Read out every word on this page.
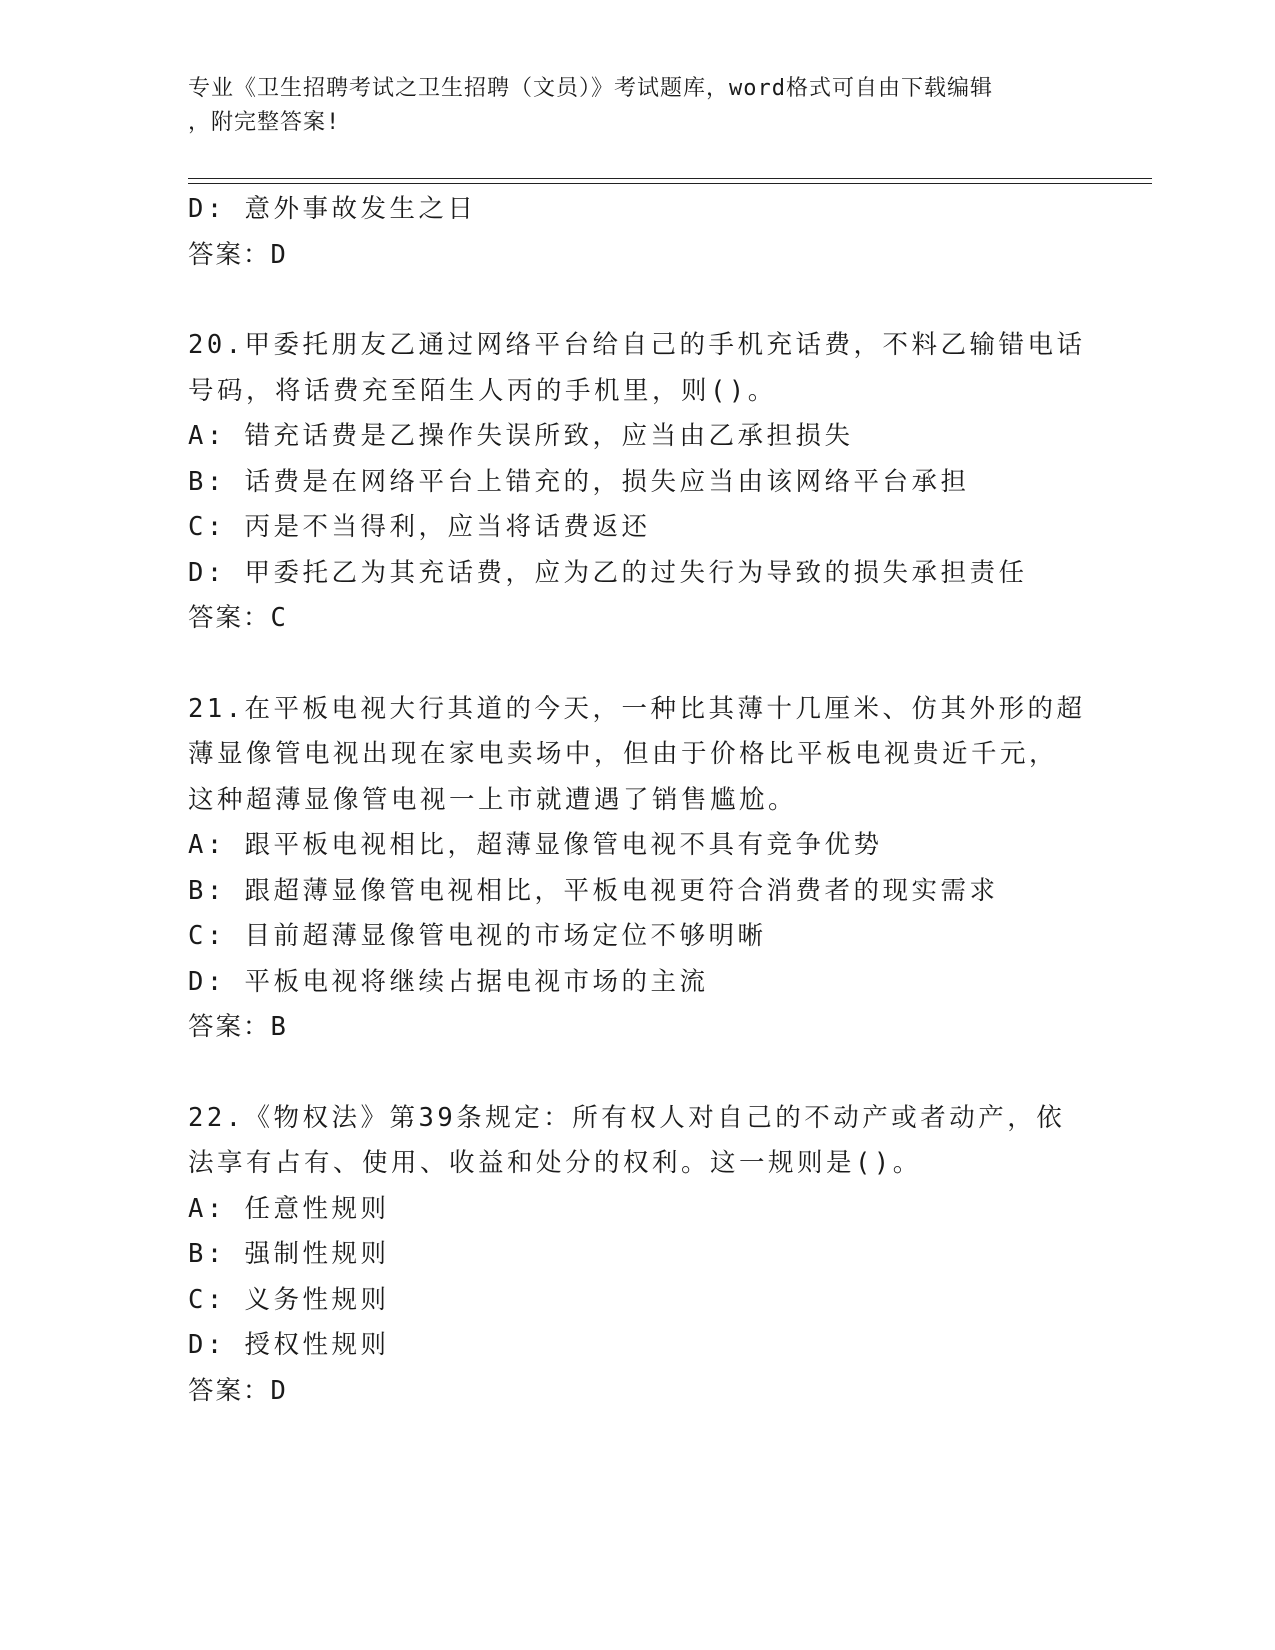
专业《卫生招聘考试之卫生招聘（文员）》考试题库，word格式可自由下载编辑
，附完整答案!
D: 意外事故发生之日
答案：D
20.甲委托朋友乙通过网络平台给自己的手机充话费，不料乙输错电话
号码，将话费充至陌生人丙的手机里，则()。
A: 错充话费是乙操作失误所致，应当由乙承担损失
B: 话费是在网络平台上错充的，损失应当由该网络平台承担
C: 丙是不当得利，应当将话费返还
D: 甲委托乙为其充话费，应为乙的过失行为导致的损失承担责任
答案：C
21.在平板电视大行其道的今天，一种比其薄十几厘米、仿其外形的超
薄显像管电视出现在家电卖场中，但由于价格比平板电视贵近千元，
这种超薄显像管电视一上市就遭遇了销售尴尬。
A: 跟平板电视相比，超薄显像管电视不具有竞争优势
B: 跟超薄显像管电视相比，平板电视更符合消费者的现实需求
C: 目前超薄显像管电视的市场定位不够明晰
D: 平板电视将继续占据电视市场的主流
答案：B
22.《物权法》第39条规定：所有权人对自己的不动产或者动产，依
法享有占有、使用、收益和处分的权利。这一规则是()。
A: 任意性规则
B: 强制性规则
C: 义务性规则
D: 授权性规则
答案：D
